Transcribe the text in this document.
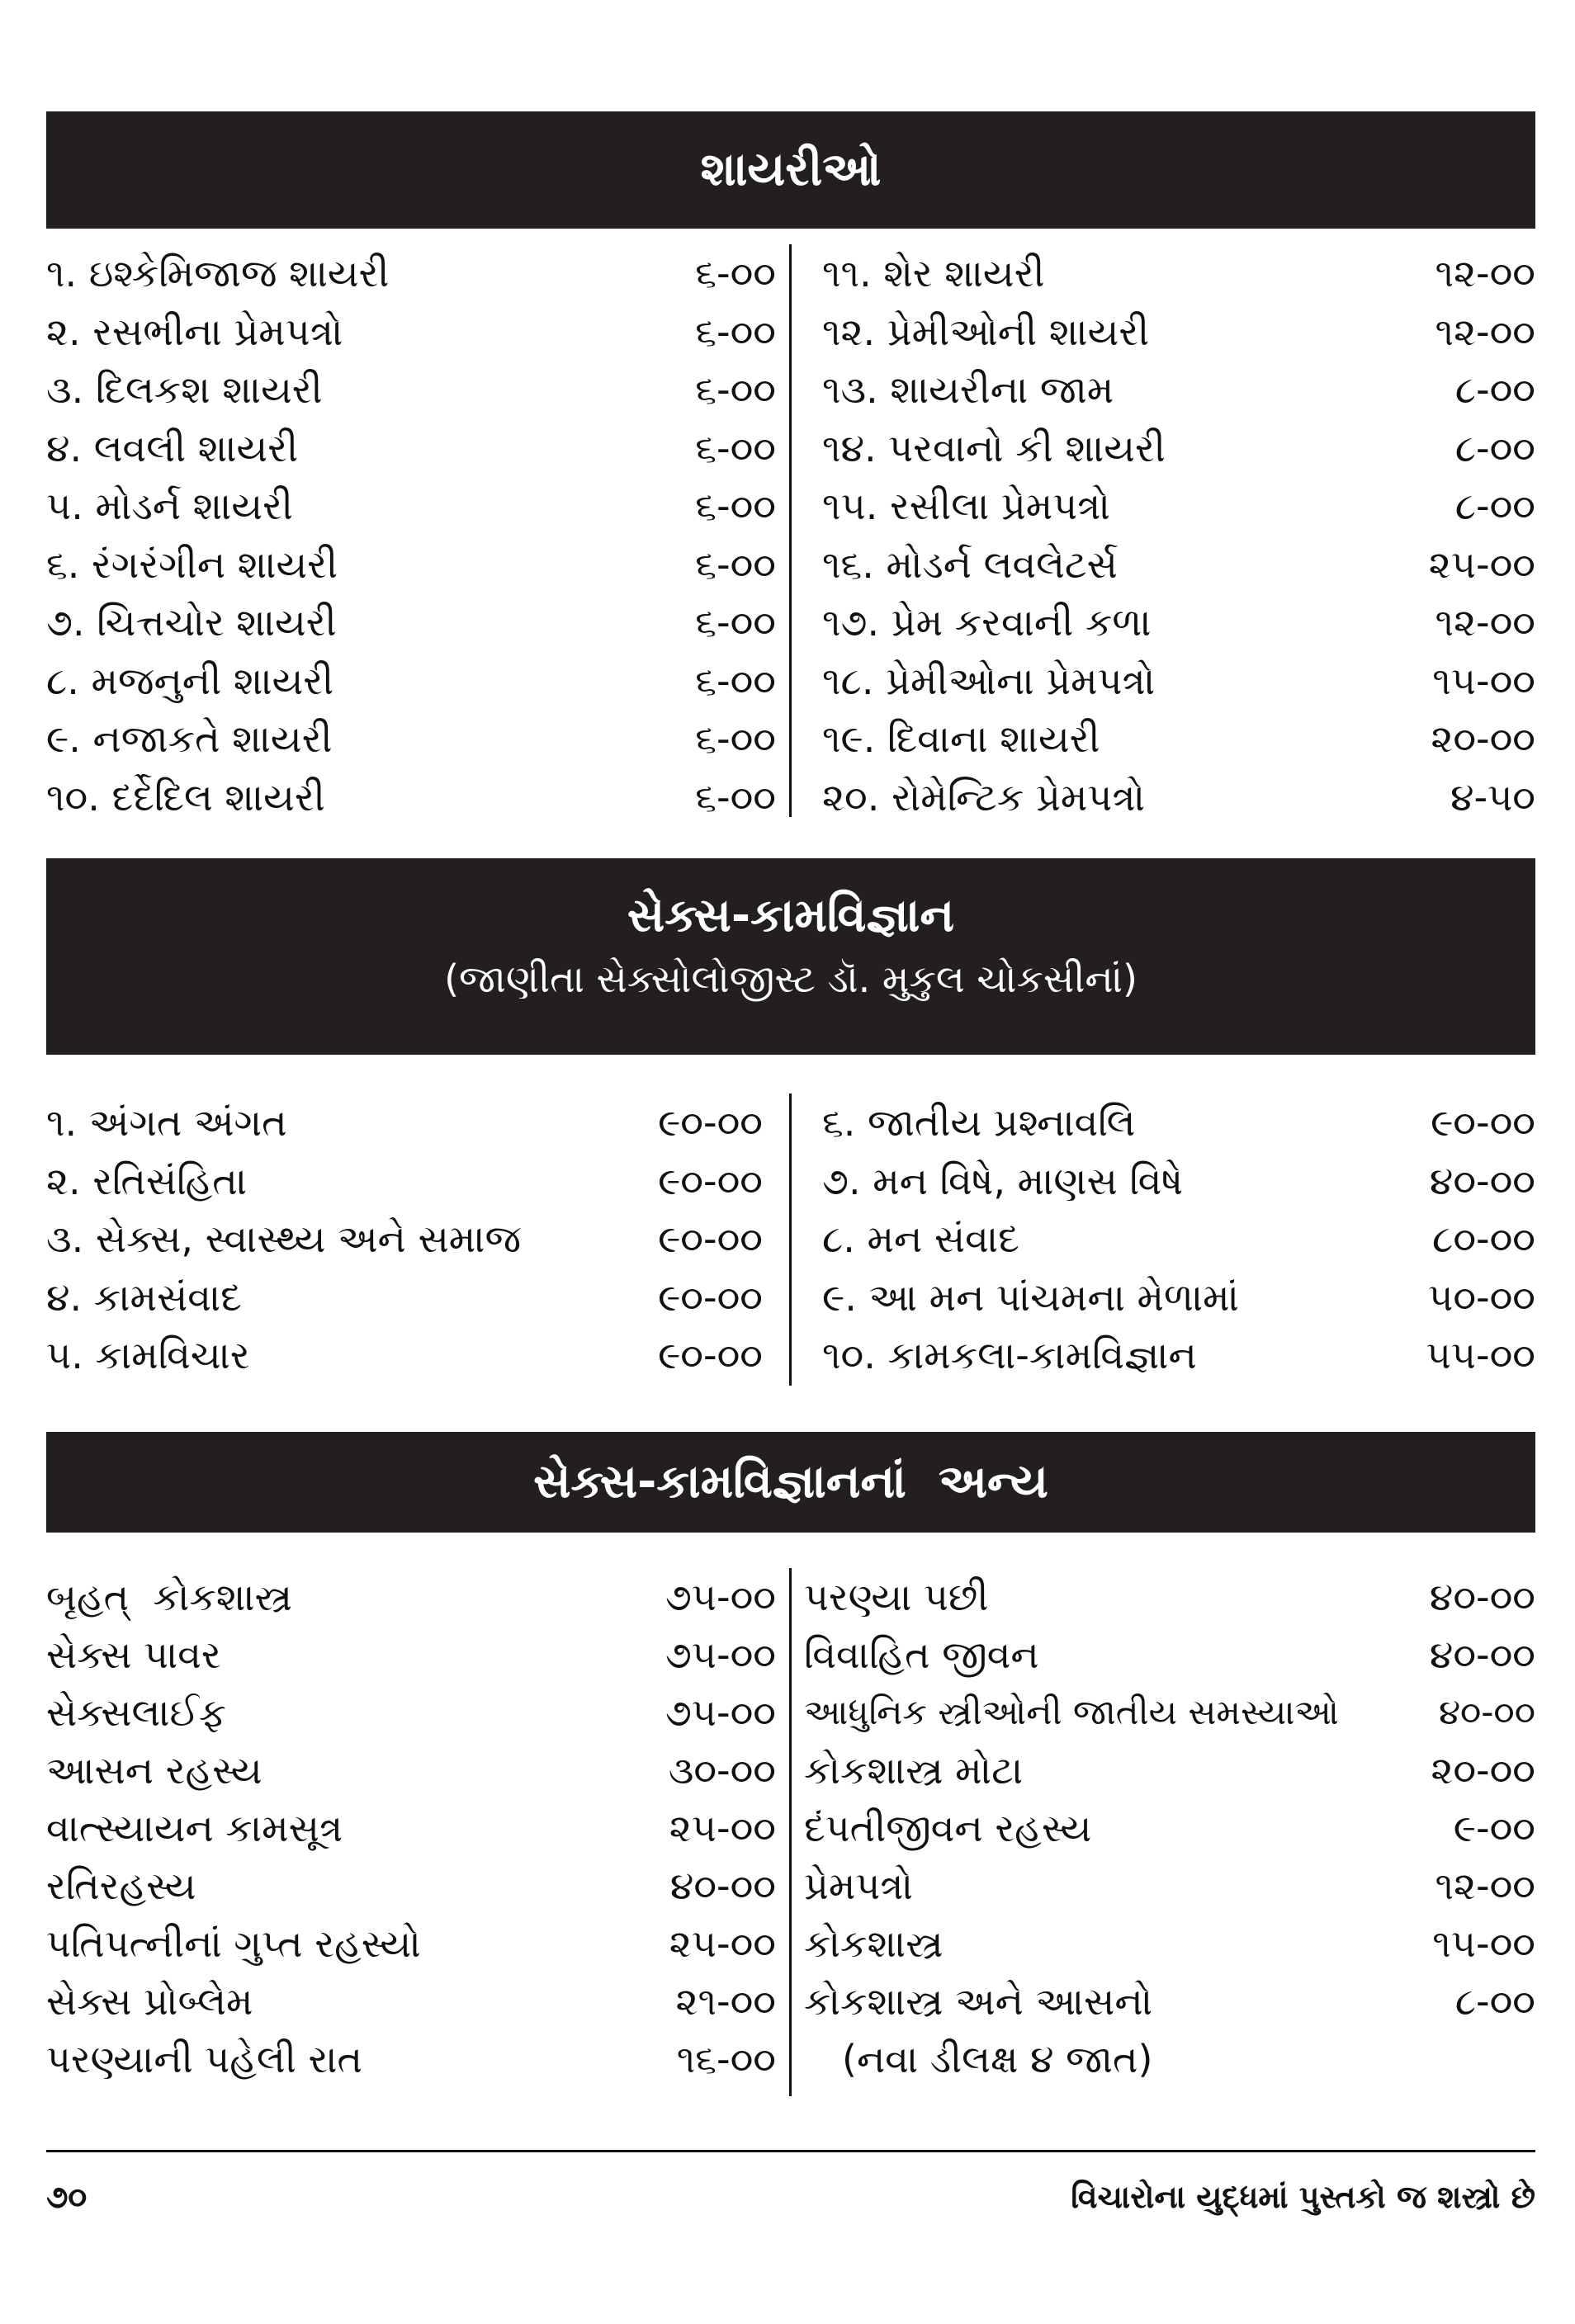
શાયરીઓ
૧. ઇશ્કેમિજાજ શાયરી	૬-૦૦
૨. રસભીના પ્રેમપત્રો	૬-૦૦
૩. દિલકશ શાયરી	૬-૦૦
૪. લવલી શાયરી	૬-૦૦
૫. મોડર્ન શાયરી	૬-૦૦
૬. રંગરંગીન શાયરી	૬-૦૦
૭. ચિત્તચોર શાયરી	૬-૦૦
૮. મજનુની શાયરી	૬-૦૦
૯. નજાકતે શાયરી	૬-૦૦
૧૦. દર્દેદિલ શાયરી	૬-૦૦
૧૧. શેર શાયરી	૧૨-૦૦
૧૨. પ્રેમીઓની શાયરી	૧૨-૦૦
૧૩. શાયરીના જામ	૮-૦૦
૧૪. પરવાનો કી શાયરી	૮-૦૦
૧૫. રસીલા પ્રેમપત્રો	૮-૦૦
૧૬. મોડર્ન લવલેટર્સ	૨૫-૦૦
૧૭. પ્રેમ કરવાની કળા	૧૨-૦૦
૧૮. પ્રેમીઓના પ્રેમપત્રો	૧૫-૦૦
૧૯. દિવાના શાયરી	૨૦-૦૦
૨૦. રોમેન્ટિક પ્રેમપત્રો	૪-૫૦
સેક્સ-કામવિજ્ઞાન
(જાણીતા સેક્સોલોજીસ્ટ ડૉ. મુકુલ ચોકસીનાં)
૧. અંગત અંગત	૯૦-૦૦
૨. રતિસંહિતા	૯૦-૦૦
૩. સેક્સ, સ્વાસ્થ્ય અને સમાજ	૯૦-૦૦
૪. કામસંવાદ	૯૦-૦૦
૫. કામવિચાર	૯૦-૦૦
૬. જાતીય પ્રશ્નાવલિ	૯૦-૦૦
૭. મન વિષે, માણસ વિષે	૪૦-૦૦
૮. મન સંવાદ	૮૦-૦૦
૯. આ મન પાંચમના મેળામાં	૫૦-૦૦
૧૦. કામકલા-કામવિજ્ઞાન	૫૫-૦૦
સેક્સ-કામવિજ્ઞાનનાં  અન્ય
બૃહત્  કોકશાસ્ત્ર	૭૫-૦૦
સેક્સ પાવર	૭૫-૦૦
સેક્સલાઈફ	૭૫-૦૦
આસન રહસ્ય	૩૦-૦૦
વાત્સ્યાયન કામસૂત્ર	૨૫-૦૦
રતિરહસ્ય	૪૦-૦૦
પતિપત્નીનાં ગુપ્ત રહસ્યો	૨૫-૦૦
સેક્સ પ્રોબ્લેમ	૨૧-૦૦
પરણ્યાની પહેલી રાત	૧૬-૦૦
પરણ્યા પછી	૪૦-૦૦
વિવાહિત જીવન	૪૦-૦૦
આધુનિક સ્ત્રીઓની જાતીય સમસ્યાઓ	૪૦-૦૦
કોકશાસ્ત્ર મોટા	૨૦-૦૦
દંપતીજીવન રહસ્ય	૯-૦૦
પ્રેમપત્રો	૧૨-૦૦
કોકશાસ્ત્ર	૧૫-૦૦
કોકશાસ્ત્ર અને આસનો	૮-૦૦
(નવા ડીલક્ષ ૪ જાત)
૭૦	વિચારોના યુદ્ધમાં પુસ્તકો જ શસ્ત્રો છે
